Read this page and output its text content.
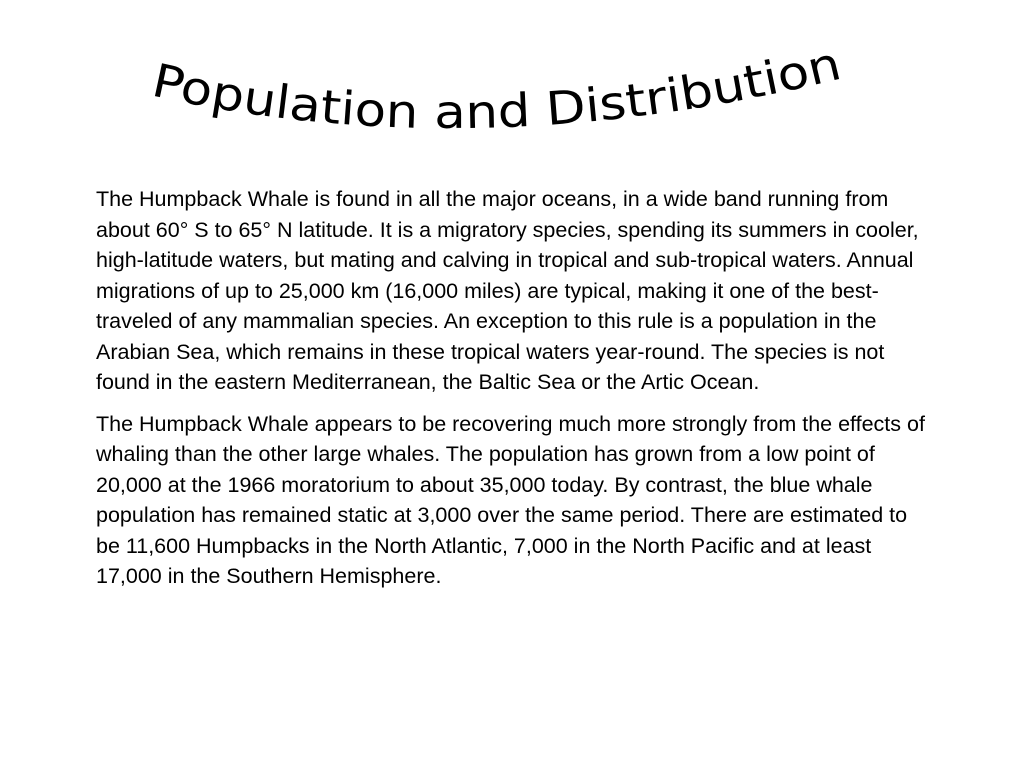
Population and Distribution

The Humpback Whale is found in all the major oceans, in a wide band running from about 60° S to 65° N latitude. It is a migratory species, spending its summers in cooler, high-latitude waters, but mating and calving in tropical and sub-tropical waters. Annual migrations of up to 25,000 km (16,000 miles) are typical, making it one of the best-traveled of any mammalian species. An exception to this rule is a population in the Arabian Sea, which remains in these tropical waters year-round. The species is not found in the eastern Mediterranean, the Baltic Sea or the Artic Ocean.

The Humpback Whale appears to be recovering much more strongly from the effects of whaling than the other large whales. The population has grown from a low point of 20,000 at the 1966 moratorium to about 35,000 today. By contrast, the blue whale population has remained static at 3,000 over the same period. There are estimated to be 11,600 Humpbacks in the North Atlantic, 7,000 in the North Pacific and at least 17,000 in the Southern Hemisphere.
